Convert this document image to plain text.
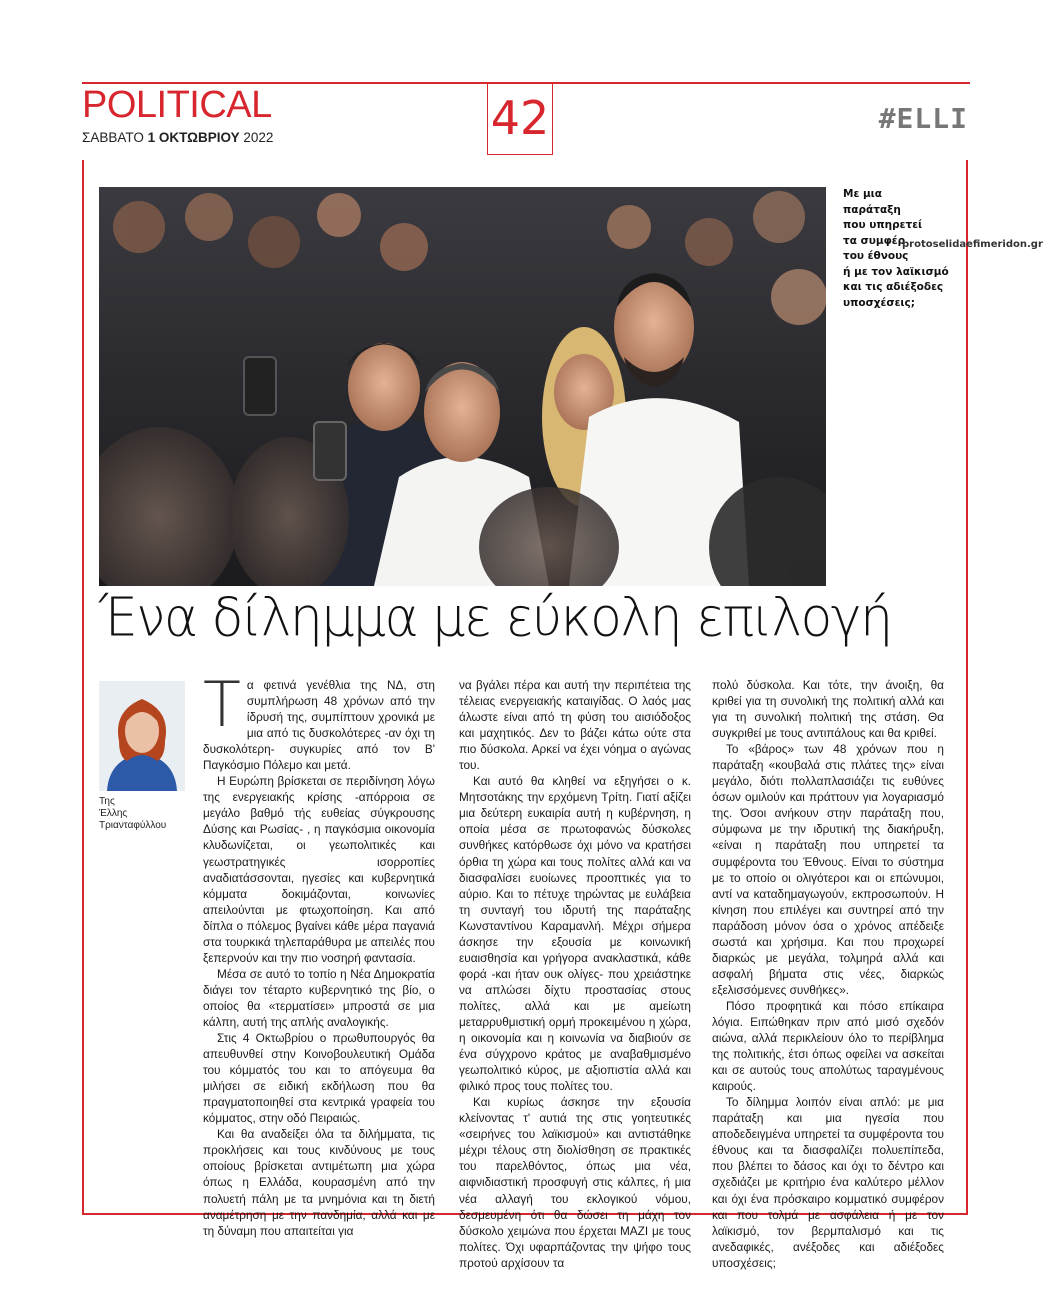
POLITICAL
ΣΑΒΒΑΤΟ 1 ΟΚΤΩΒΡΙΟΥ 2022	42	#ELLI
Με μια
παράταξη
που υπηρετεί
τα συμφέρ
του έθνους
ή με τον λαϊκισμό
και τις αδιέξοδες
υποσχέσεις;
protoselidaefimeridon.gr
Ένα δίλημμα με εύκολη επιλογή
Της
Έλλης
Τριανταφύλλου

Τα φετινά γενέθλια της ΝΔ, στη συμπλήρωση 48 χρόνων από την ίδρυσή της, συμπίπτουν χρονικά με μια από τις δυσκολότερες -αν όχι τη δυσκολότερη- συγκυρίες από τον Β' Παγκόσμιο Πόλεμο και μετά.

Η Ευρώπη βρίσκεται σε περιδίνηση λόγω της ενεργειακής κρίσης -απόρροια σε μεγάλο βαθμό τής ευθείας σύγκρουσης Δύσης και Ρωσίας- , η παγκόσμια οικονομία κλυδωνίζεται, οι γεωπολιτικές και γεωστρατηγικές ισορροπίες αναδιατάσσονται, ηγεσίες και κυβερνητικά κόμματα δοκιμάζονται, κοινωνίες απειλούνται με φτωχοποίηση. Και από δίπλα ο πόλεμος βγαίνει κάθε μέρα παγανιά στα τουρκικά τηλεπαράθυρα με απειλές που ξεπερνούν και την πιο νοσηρή φαντασία.

Μέσα σε αυτό το τοπίο η Νέα Δημοκρατία διάγει τον τέταρτο κυβερνητικό της βίο, ο οποίος θα «τερματίσει» μπροστά σε μια κάλπη, αυτή της απλής αναλογικής.

Στις 4 Οκτωβρίου ο πρωθυπουργός θα απευθυνθεί στην Κοινοβουλευτική Ομάδα του κόμματός του και το απόγευμα θα μιλήσει σε ειδική εκδήλωση που θα πραγματοποιηθεί στα κεντρικά γραφεία του κόμματος, στην οδό Πειραιώς.

Και θα αναδείξει όλα τα διλήμματα, τις προκλήσεις και τους κινδύνους με τους οποίους βρίσκεται αντιμέτωπη μια χώρα όπως η Ελλάδα, κουρασμένη από την πολυετή πάλη με τα μνημόνια και τη διετή αναμέτρηση με την πανδημία, αλλά και με τη δύναμη που απαιτείται για

να βγάλει πέρα και αυτή την περιπέτεια της τέλειας ενεργειακής καταιγίδας. Ο λαός μας άλωστε είναι από τη φύση του αισιόδοξος και μαχητικός. Δεν το βάζει κάτω ούτε στα πιο δύσκολα. Αρκεί να έχει νόημα ο αγώνας του.

Και αυτό θα κληθεί να εξηγήσει ο κ. Μητσοτάκης την ερχόμενη Τρίτη. Γιατί αξίζει μια δεύτερη ευκαιρία αυτή η κυβέρνηση, η οποία μέσα σε πρωτοφανώς δύσκολες συνθήκες κατόρθωσε όχι μόνο να κρατήσει όρθια τη χώρα και τους πολίτες αλλά και να διασφαλίσει ευοίωνες προοπτικές για το αύριο. Και το πέτυχε τηρώντας με ευλάβεια τη συνταγή του ιδρυτή της παράταξης Κωνσταντίνου Καραμανλή. Μέχρι σήμερα άσκησε την εξουσία με κοινωνική ευαισθησία και γρήγορα ανακλαστικά, κάθε φορά -και ήταν ουκ ολίγες- που χρειάστηκε να απλώσει δίχτυ προστασίας στους πολίτες, αλλά και με αμείωτη μεταρρυθμιστική ορμή προκειμένου η χώρα, η οικονομία και η κοινωνία να διαβιούν σε ένα σύγχρονο κράτος με αναβαθμισμένο γεωπολιτικό κύρος, με αξιοπιστία αλλά και φιλικό προς τους πολίτες του.

Και κυρίως άσκησε την εξουσία κλείνοντας τ' αυτιά της στις γοητευτικές «σειρήνες του λαϊκισμού» και αντιστάθηκε μέχρι τέλους στη διολίσθηση σε πρακτικές του παρελθόντος, όπως μια νέα, αιφνιδιαστική προσφυγή στις κάλπες, ή μια νέα αλλαγή του εκλογικού νόμου, δεσμευμένη ότι θα δώσει τη μάχη τον δύσκολο χειμώνα που έρχεται ΜΑΖΙ με τους πολίτες. Όχι υφαρπάζοντας την ψήφο τους προτού αρχίσουν τα

πολύ δύσκολα. Και τότε, την άνοιξη, θα κριθεί για τη συνολική της πολιτική αλλά και για τη συνολική πολιτική της στάση. Θα συγκριθεί με τους αντιπάλους και θα κριθεί.

Το «βάρος» των 48 χρόνων που η παράταξη «κουβαλά στις πλάτες της» είναι μεγάλο, διότι πολλαπλασιάζει τις ευθύνες όσων ομιλούν και πράττουν για λογαριασμό της. Όσοι ανήκουν στην παράταξη που, σύμφωνα με την ιδρυτική της διακήρυξη, «είναι η παράταξη που υπηρετεί τα συμφέροντα του Έθνους. Είναι το σύστημα με το οποίο οι ολιγότεροι και οι επώνυμοι, αντί να καταδημαγωγούν, εκπροσωπούν. Η κίνηση που επιλέγει και συντηρεί από την παράδοση μόνον όσα ο χρόνος απέδειξε σωστά και χρήσιμα. Και που προχωρεί διαρκώς με μεγάλα, τολμηρά αλλά και ασφαλή βήματα στις νέες, διαρκώς εξελισσόμενες συνθήκες».

Πόσο προφητικά και πόσο επίκαιρα λόγια. Ειπώθηκαν πριν από μισό σχεδόν αιώνα, αλλά περικλείουν όλο το περίβλημα της πολιτικής, έτσι όπως οφείλει να ασκείται και σε αυτούς τους απολύτως ταραγμένους καιρούς.

Το δίλημμα λοιπόν είναι απλό: με μια παράταξη και μια ηγεσία που αποδεδειγμένα υπηρετεί τα συμφέροντα του έθνους και τα διασφαλίζει πολυεπίπεδα, που βλέπει το δάσος και όχι το δέντρο και σχεδιάζει με κριτήριο ένα καλύτερο μέλλον και όχι ένα πρόσκαιρο κομματικό συμφέρον και που τολμά με ασφάλεια ή με τον λαϊκισμό, τον βερμπαλισμό και τις ανεδαφικές, ανέξοδες και αδιέξοδες υποσχέσεις;
